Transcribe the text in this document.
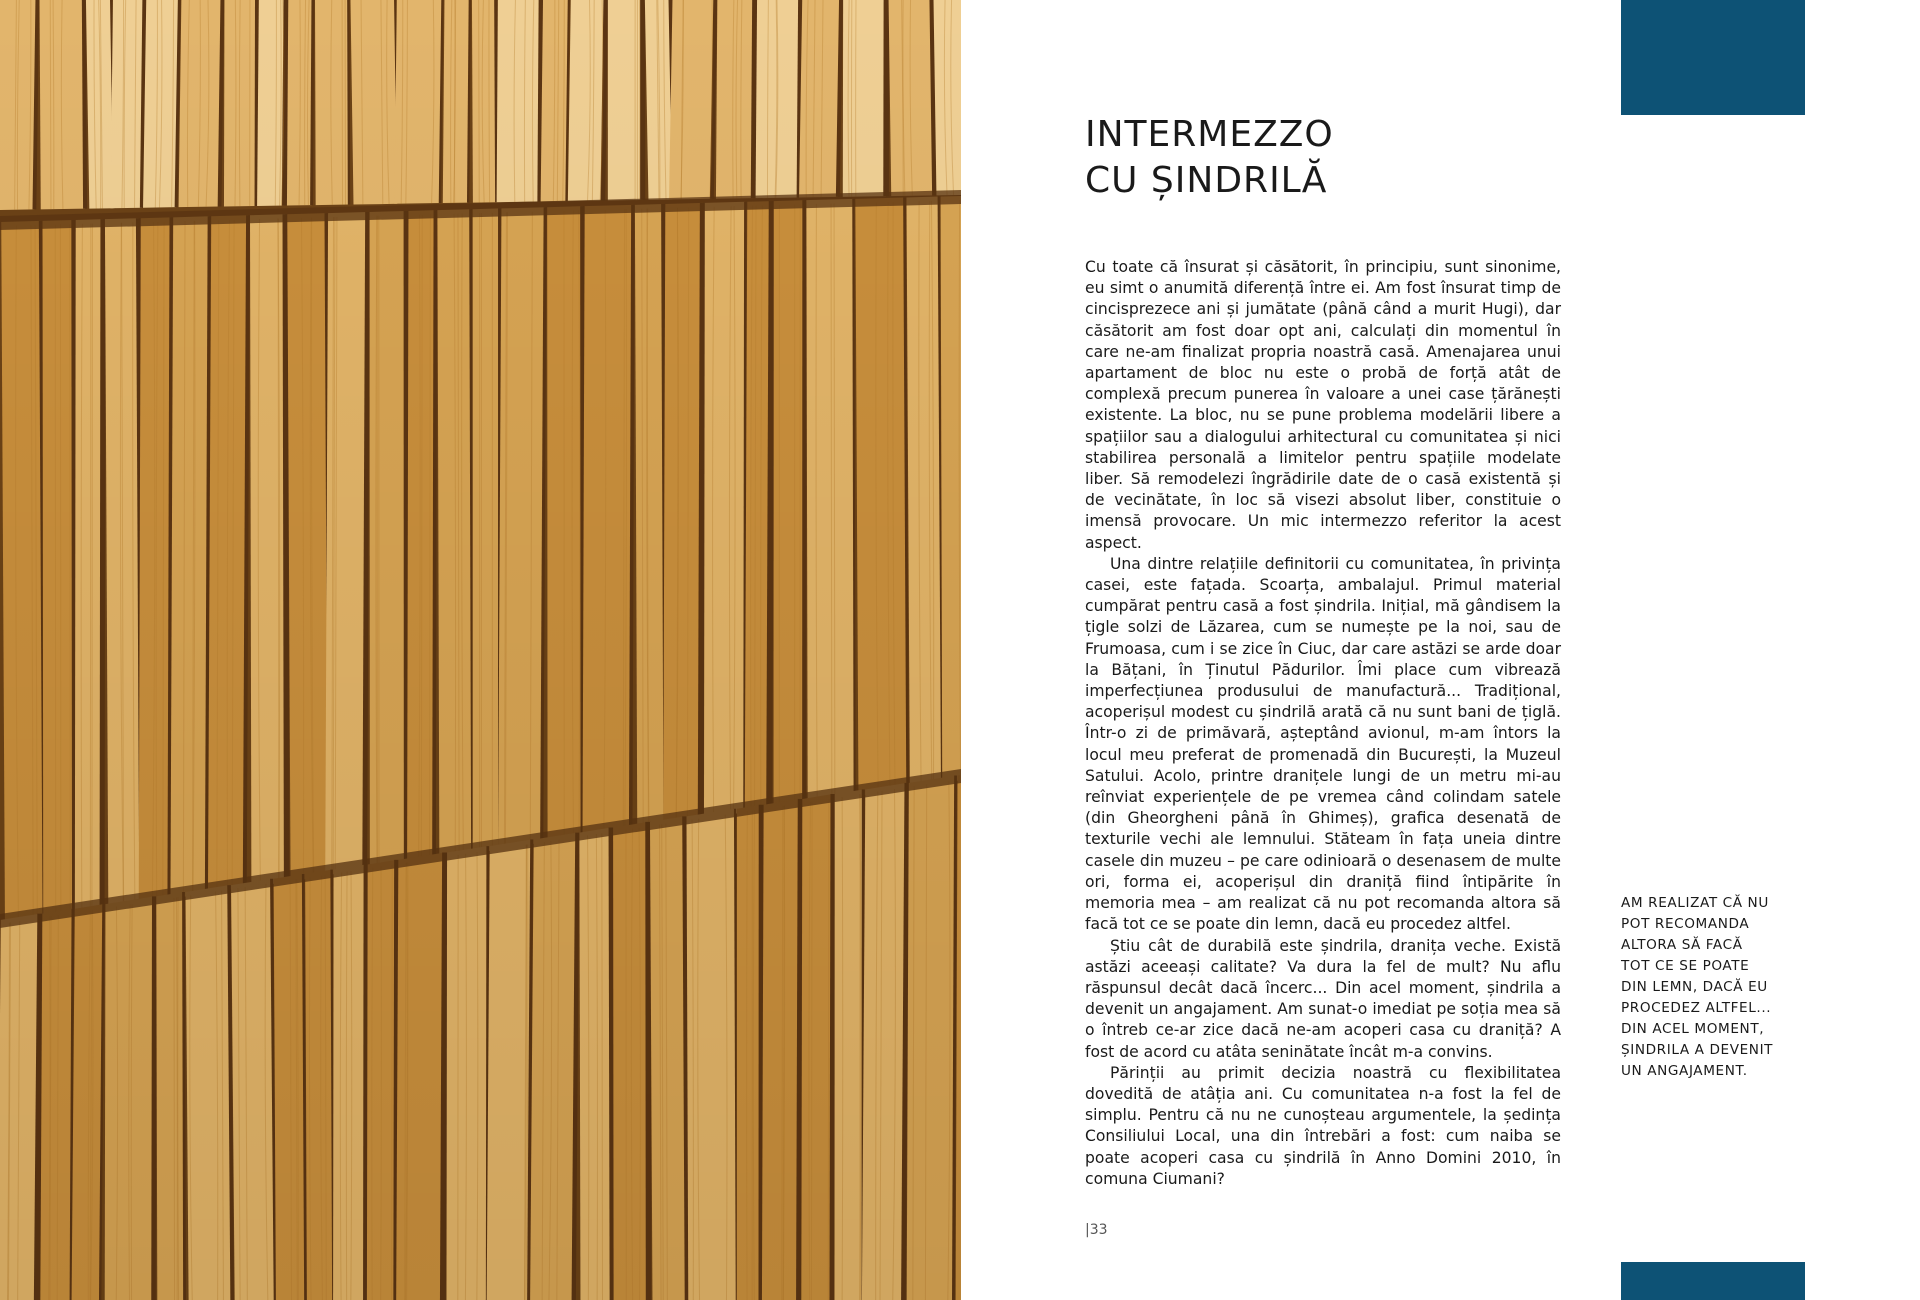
INTERMEZZO
CU ȘINDRILĂ

Cu toate că însurat și căsătorit, în principiu, sunt sinonime, eu simt o anumită diferență între ei. Am fost însurat timp de cincisprezece ani și jumătate (până când a murit Hugi), dar căsătorit am fost doar opt ani, calculați din momentul în care ne-am finalizat propria noastră casă. Amenajarea unui apartament de bloc nu este o probă de forță atât de complexă precum punerea în valoare a unei case țărănești existente. La bloc, nu se pune problema modelării libere a spațiilor sau a dialogului arhitectural cu comunitatea și nici stabilirea personală a limitelor pentru spațiile modelate liber. Să remodelezi îngrădirile date de o casă existentă și de vecinătate, în loc să visezi absolut liber, constituie o imensă provocare. Un mic intermezzo referitor la acest aspect.

Una dintre relațiile definitorii cu comunitatea, în privința casei, este fațada. Scoarța, ambalajul. Primul material cumpărat pentru casă a fost șindrila. Inițial, mă gândisem la țigle solzi de Lăzarea, cum se numește pe la noi, sau de Frumoasa, cum i se zice în Ciuc, dar care astăzi se arde doar la Bățani, în Ținutul Pădurilor. Îmi place cum vibrează imperfecțiunea produsului de manufactură... Tradițional, acoperișul modest cu șindrilă arată că nu sunt bani de țiglă. Într-o zi de primăvară, așteptând avionul, m-am întors la locul meu preferat de promenadă din București, la Muzeul Satului. Acolo, printre dranițele lungi de un metru mi-au reînviat experiențele de pe vremea când colindam satele (din Gheorgheni până în Ghimeș), grafica desenată de texturile vechi ale lemnului. Stăteam în fața uneia dintre casele din muzeu – pe care odinioară o desenasem de multe ori, forma ei, acoperișul din draniță fiind întipărite în memoria mea – am realizat că nu pot recomanda altora să facă tot ce se poate din lemn, dacă eu procedez altfel.

Știu cât de durabilă este șindrila, dranița veche. Există astăzi aceeași calitate? Va dura la fel de mult? Nu aflu răspunsul decât dacă încerc... Din acel moment, șindrila a devenit un angajament. Am sunat-o imediat pe soția mea să o întreb ce-ar zice dacă ne-am acoperi casa cu draniță? A fost de acord cu atâta seninătate încât m-a convins.

Părinții au primit decizia noastră cu flexibilitatea dovedită de atâția ani. Cu comunitatea n-a fost la fel de simplu. Pentru că nu ne cunoșteau argumentele, la ședința Consiliului Local, una din întrebări a fost: cum naiba se poate acoperi casa cu șindrilă în Anno Domini 2010, în comuna Ciumani?

AM REALIZAT CĂ NU
POT RECOMANDA
ALTORA SĂ FACĂ
TOT CE SE POATE
DIN LEMN, DACĂ EU
PROCEDEZ ALTFEL...
DIN ACEL MOMENT,
ȘINDRILA A DEVENIT
UN ANGAJAMENT.

|33
